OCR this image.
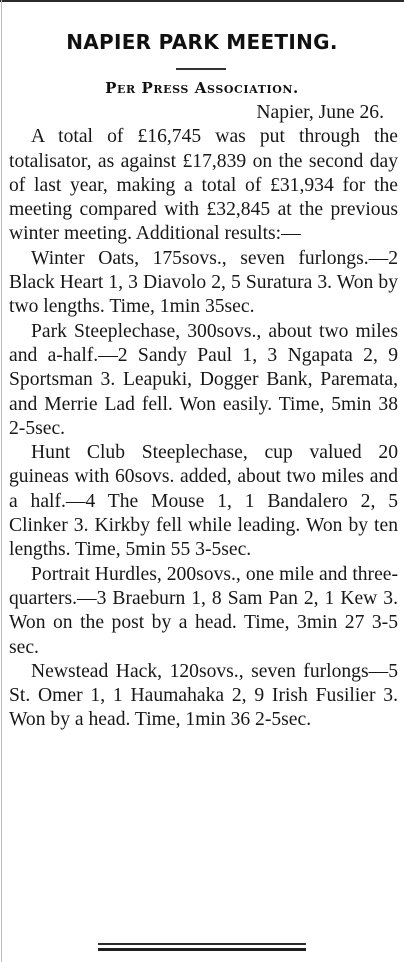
NAPIER PARK MEETING.
Per Press Association.

Napier, June 26.

A total of £16,745 was put through the totalisator, as against £17,839 on the second day of last year, making a total of £31,934 for the meeting compared with £32,845 at the previous winter meeting. Additional results:—

Winter Oats, 175sovs., seven furlongs.—2 Black Heart 1, 3 Diavolo 2, 5 Suratura 3. Won by two lengths. Time, 1min 35sec.

Park Steeplechase, 300sovs., about two miles and a-half.—2 Sandy Paul 1, 3 Ngapata 2, 9 Sportsman 3. Leapuki, Dogger Bank, Paremata, and Merrie Lad fell. Won easily. Time, 5min 38 2-5sec.

Hunt Club Steeplechase, cup valued 20 guineas with 60sovs. added, about two miles and a half.—4 The Mouse 1, 1 Bandalero 2, 5 Clinker 3. Kirkby fell while leading. Won by ten lengths. Time, 5min 55 3-5sec.

Portrait Hurdles, 200sovs., one mile and three-quarters.—3 Braeburn 1, 8 Sam Pan 2, 1 Kew 3. Won on the post by a head. Time, 3min 27 3-5 sec.

Newstead Hack, 120sovs., seven furlongs—5 St. Omer 1, 1 Haumahaka 2, 9 Irish Fusilier 3. Won by a head. Time, 1min 36 2-5sec.
